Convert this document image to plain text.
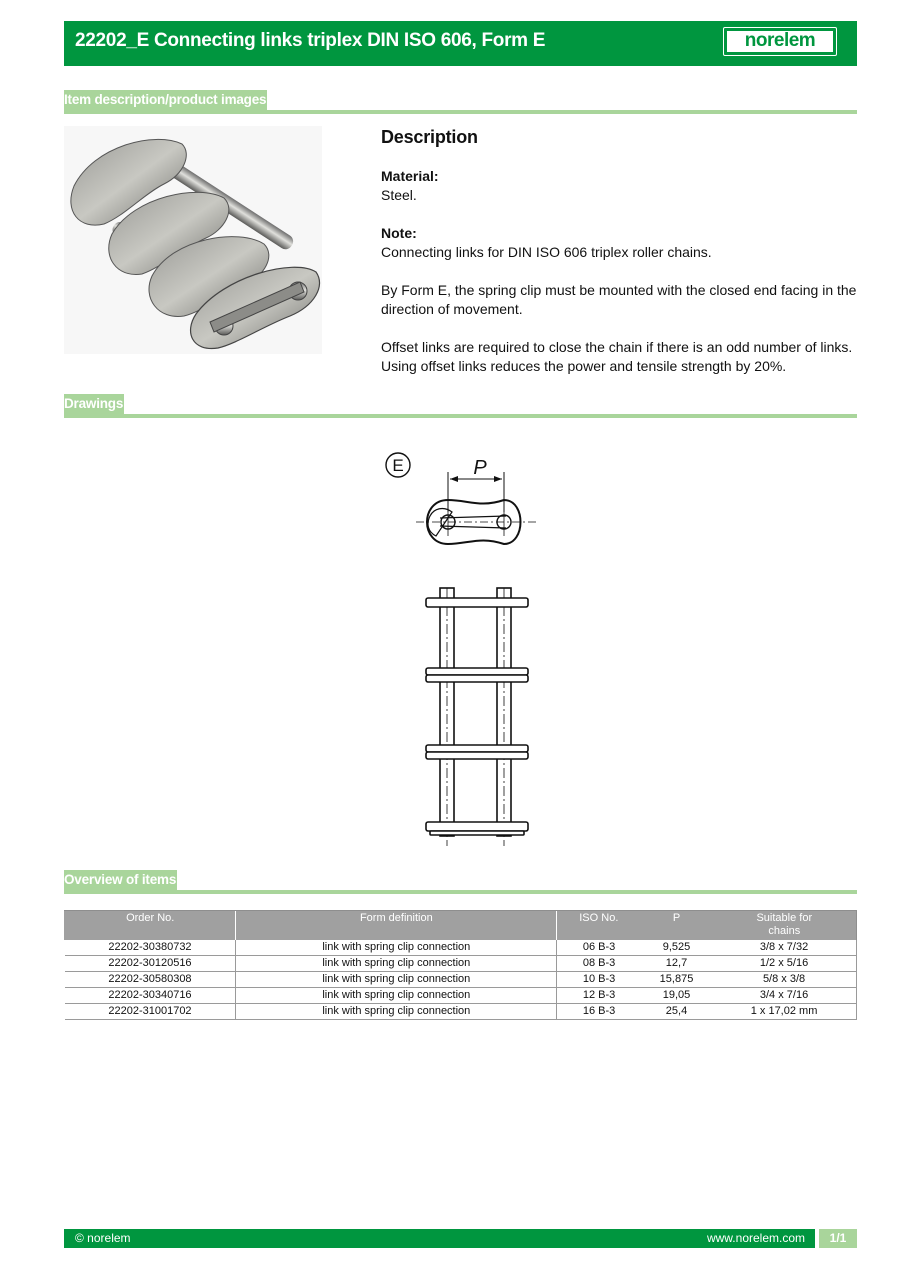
22202_E Connecting links triplex DIN ISO 606, Form E	norelem
Item description/product images
Description
Material:

Steel.

Note:

Connecting links for DIN ISO 606 triplex roller chains.

By Form E, the spring clip must be mounted with the closed end facing in the direction of movement.

Offset links are required to close the chain if there is an odd number of links. Using offset links reduces the power and tensile strength by 20%.

Drawings
E	P
Overview of items
Order No.	Form definition	ISO No.	P	Suitable for chains

22202-30380732	link with spring clip connection	06 B-3	9,525	3/8 x 7/32
22202-30120516	link with spring clip connection	08 B-3	12,7	1/2 x 5/16
22202-30580308	link with spring clip connection	10 B-3	15,875	5/8 x 3/8
22202-30340716	link with spring clip connection	12 B-3	19,05	3/4 x 7/16
22202-31001702	link with spring clip connection	16 B-3	25,4	1 x 17,02 mm
© norelem	www.norelem.com	1/1
